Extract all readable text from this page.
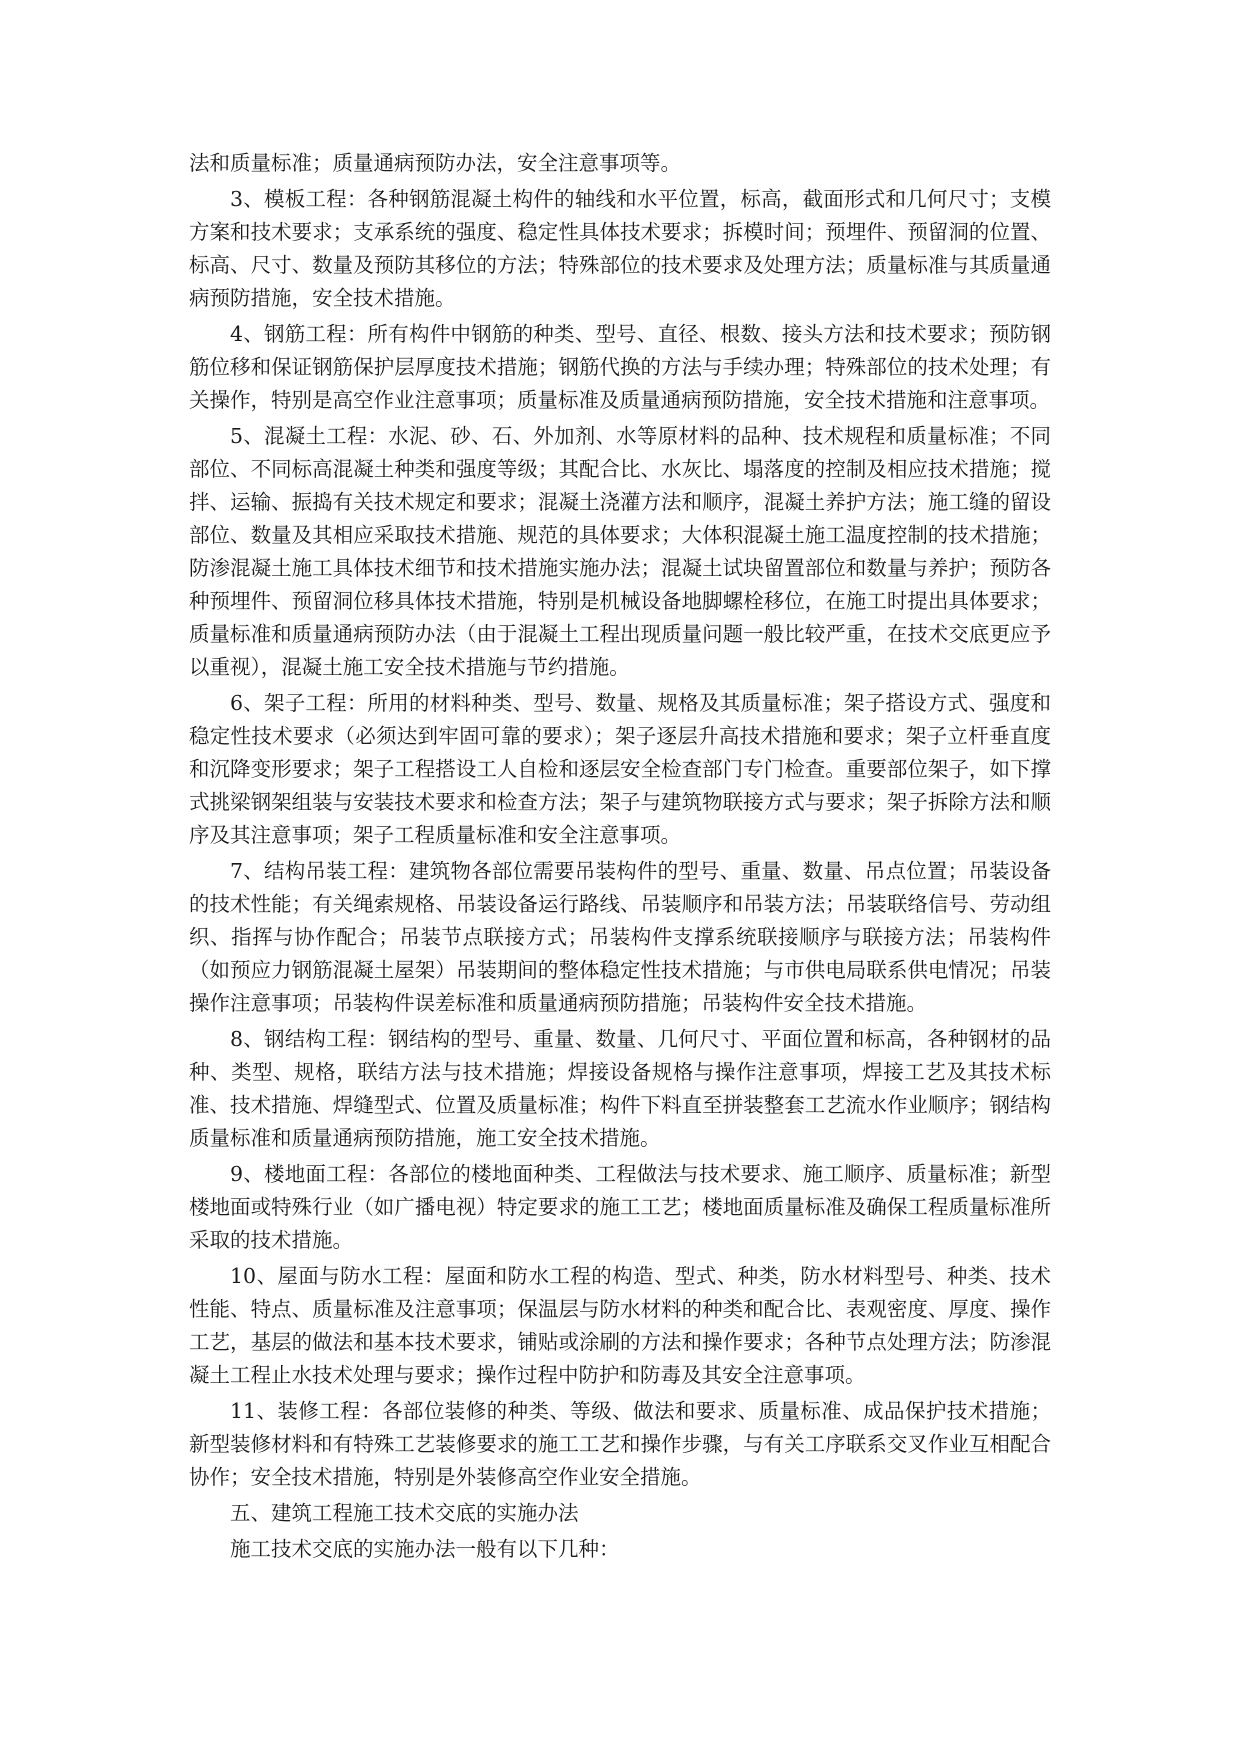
法和质量标准；质量通病预防办法，安全注意事项等。

3、模板工程：各种钢筋混凝土构件的轴线和水平位置，标高，截面形式和几何尺寸；支模方案和技术要求；支承系统的强度、稳定性具体技术要求；拆模时间；预埋件、预留洞的位置、标高、尺寸、数量及预防其移位的方法；特殊部位的技术要求及处理方法；质量标准与其质量通病预防措施，安全技术措施。

4、钢筋工程：所有构件中钢筋的种类、型号、直径、根数、接头方法和技术要求；预防钢筋位移和保证钢筋保护层厚度技术措施；钢筋代换的方法与手续办理；特殊部位的技术处理；有关操作，特别是高空作业注意事项；质量标准及质量通病预防措施，安全技术措施和注意事项。

5、混凝土工程：水泥、砂、石、外加剂、水等原材料的品种、技术规程和质量标准；不同部位、不同标高混凝土种类和强度等级；其配合比、水灰比、塌落度的控制及相应技术措施；搅拌、运输、振捣有关技术规定和要求；混凝土浇灌方法和顺序，混凝土养护方法；施工缝的留设部位、数量及其相应采取技术措施、规范的具体要求；大体积混凝土施工温度控制的技术措施；防渗混凝土施工具体技术细节和技术措施实施办法；混凝土试块留置部位和数量与养护；预防各种预埋件、预留洞位移具体技术措施，特别是机械设备地脚螺栓移位，在施工时提出具体要求；质量标准和质量通病预防办法（由于混凝土工程出现质量问题一般比较严重，在技术交底更应予以重视），混凝土施工安全技术措施与节约措施。

6、架子工程：所用的材料种类、型号、数量、规格及其质量标准；架子搭设方式、强度和稳定性技术要求（必须达到牢固可靠的要求）；架子逐层升高技术措施和要求；架子立杆垂直度和沉降变形要求；架子工程搭设工人自检和逐层安全检查部门专门检查。重要部位架子，如下撑式挑梁钢架组装与安装技术要求和检查方法；架子与建筑物联接方式与要求；架子拆除方法和顺序及其注意事项；架子工程质量标准和安全注意事项。

7、结构吊装工程：建筑物各部位需要吊装构件的型号、重量、数量、吊点位置；吊装设备的技术性能；有关绳索规格、吊装设备运行路线、吊装顺序和吊装方法；吊装联络信号、劳动组织、指挥与协作配合；吊装节点联接方式；吊装构件支撑系统联接顺序与联接方法；吊装构件（如预应力钢筋混凝土屋架）吊装期间的整体稳定性技术措施；与市供电局联系供电情况；吊装操作注意事项；吊装构件误差标准和质量通病预防措施；吊装构件安全技术措施。

8、钢结构工程：钢结构的型号、重量、数量、几何尺寸、平面位置和标高，各种钢材的品种、类型、规格，联结方法与技术措施；焊接设备规格与操作注意事项，焊接工艺及其技术标准、技术措施、焊缝型式、位置及质量标准；构件下料直至拼装整套工艺流水作业顺序；钢结构质量标准和质量通病预防措施，施工安全技术措施。

9、楼地面工程：各部位的楼地面种类、工程做法与技术要求、施工顺序、质量标准；新型楼地面或特殊行业（如广播电视）特定要求的施工工艺；楼地面质量标准及确保工程质量标准所采取的技术措施。

10、屋面与防水工程：屋面和防水工程的构造、型式、种类，防水材料型号、种类、技术性能、特点、质量标准及注意事项；保温层与防水材料的种类和配合比、表观密度、厚度、操作工艺，基层的做法和基本技术要求，铺贴或涂刷的方法和操作要求；各种节点处理方法；防渗混凝土工程止水技术处理与要求；操作过程中防护和防毒及其安全注意事项。

11、装修工程：各部位装修的种类、等级、做法和要求、质量标准、成品保护技术措施；新型装修材料和有特殊工艺装修要求的施工工艺和操作步骤，与有关工序联系交叉作业互相配合协作；安全技术措施，特别是外装修高空作业安全措施。

五、建筑工程施工技术交底的实施办法

施工技术交底的实施办法一般有以下几种：
